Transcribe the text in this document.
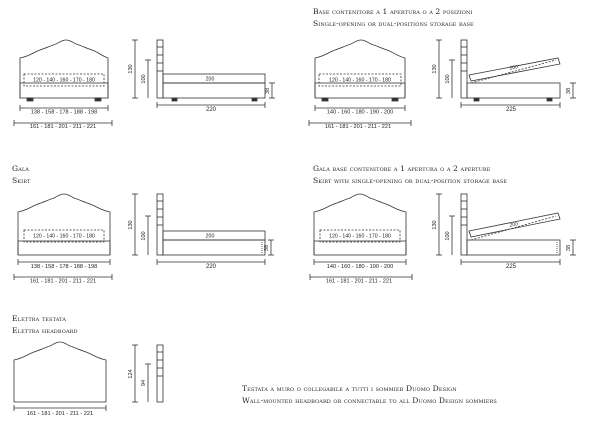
Base contenitore a 1 apertura o a 2 posizioni
Single-opening or dual-positions storage base
Gala
Skirt
Gala base contenitore a 1 apertura o a 2 aperture
Skirt with single-opening or dual-position storage base
Elettra testata
Elettra headboard
Testata a muro o collegabile a tutti i sommier Duomo Design
Wall-mounted headboard or connectable to all Duomo Design sommiers
120 - 140 - 160 - 170 - 180
138 - 158 - 178 - 188 - 198
161 - 181 - 201 - 211 - 221
200
130
100
38
220
120 - 140 - 160 - 170 - 180
140 - 160 - 180 - 190 - 200
161 - 181 - 201 - 211 - 221
200
130
100
38
225
120 - 140 - 160 - 170 - 180
138 - 158 - 178 - 188 - 198
161 - 181 - 201 - 211 - 221
200
130
100
38
220
120 - 140 - 160 - 170 - 180
140 - 160 - 180 - 190 - 200
161 - 181 - 201 - 211 - 221
200
130
100
38
225
161 - 181 - 201 - 211 - 221
124
94
